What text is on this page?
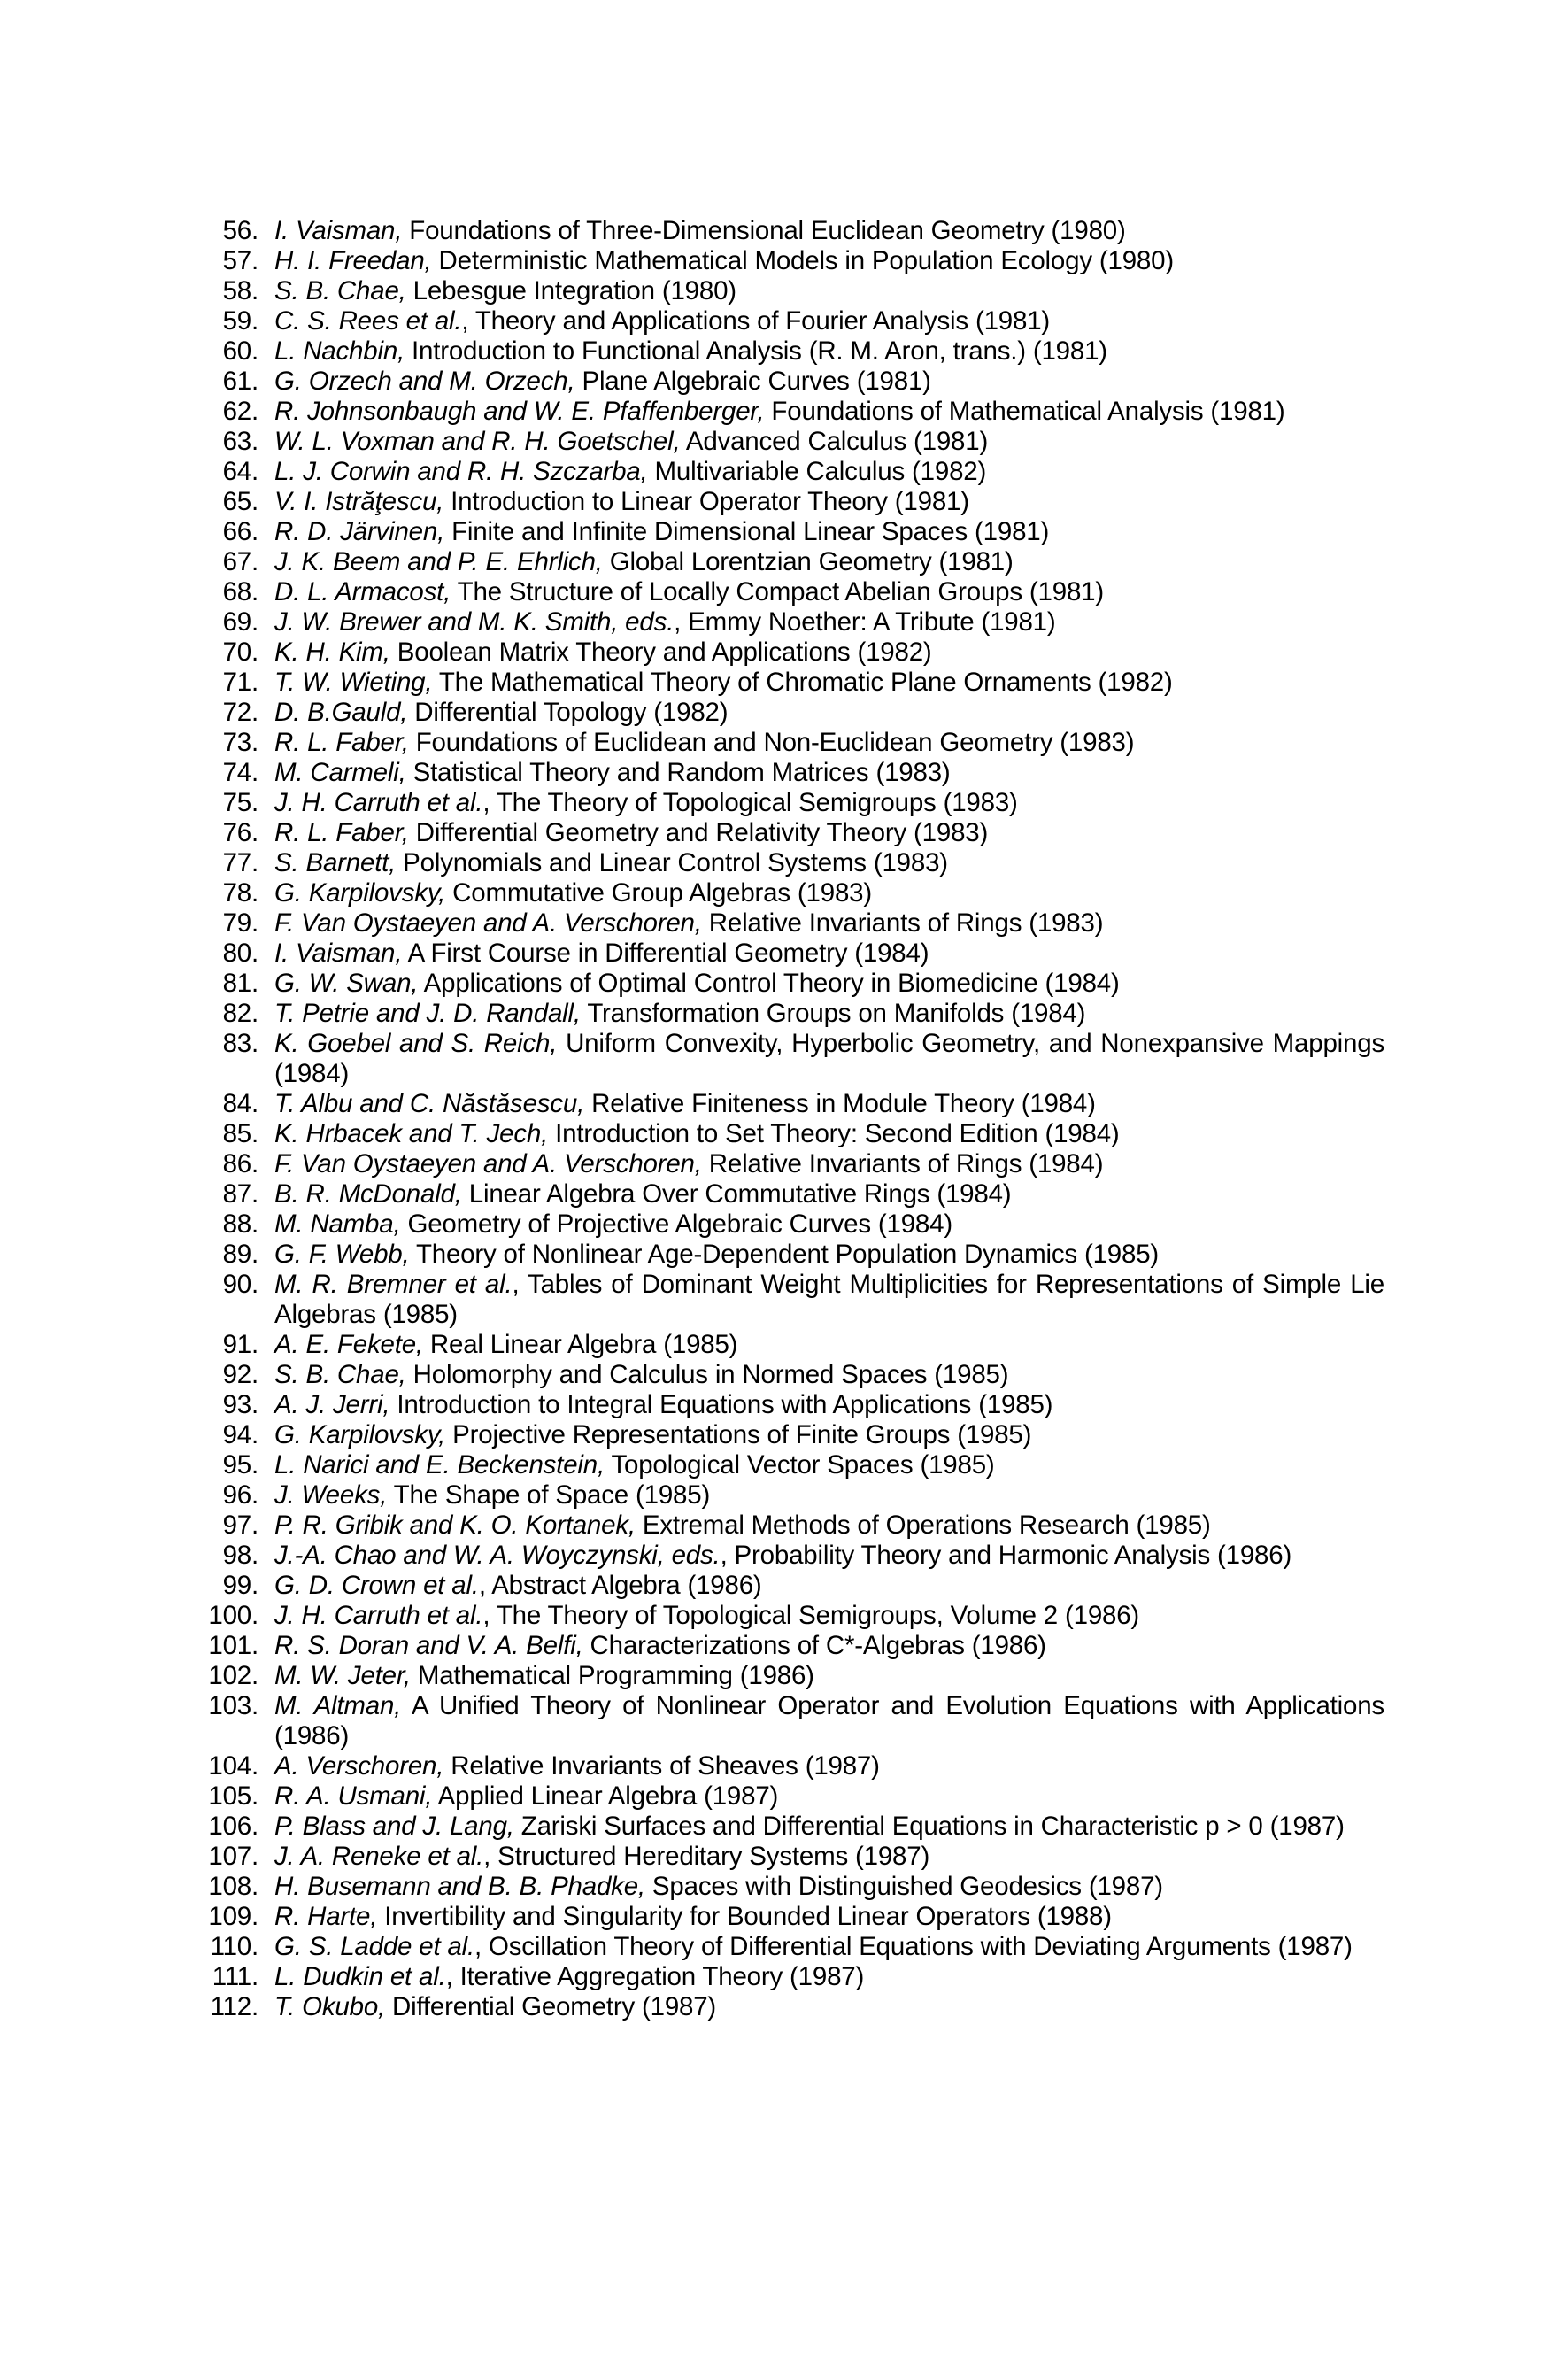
56. I. Vaisman, Foundations of Three-Dimensional Euclidean Geometry (1980)
57. H. I. Freedan, Deterministic Mathematical Models in Population Ecology (1980)
58. S. B. Chae, Lebesgue Integration (1980)
59. C. S. Rees et al., Theory and Applications of Fourier Analysis (1981)
60. L. Nachbin, Introduction to Functional Analysis (R. M. Aron, trans.) (1981)
61. G. Orzech and M. Orzech, Plane Algebraic Curves (1981)
62. R. Johnsonbaugh and W. E. Pfaffenberger, Foundations of Mathematical Analysis (1981)
63. W. L. Voxman and R. H. Goetschel, Advanced Calculus (1981)
64. L. J. Corwin and R. H. Szczarba, Multivariable Calculus (1982)
65. V. I. Istrăţescu, Introduction to Linear Operator Theory (1981)
66. R. D. Järvinen, Finite and Infinite Dimensional Linear Spaces (1981)
67. J. K. Beem and P. E. Ehrlich, Global Lorentzian Geometry (1981)
68. D. L. Armacost, The Structure of Locally Compact Abelian Groups (1981)
69. J. W. Brewer and M. K. Smith, eds., Emmy Noether: A Tribute (1981)
70. K. H. Kim, Boolean Matrix Theory and Applications (1982)
71. T. W. Wieting, The Mathematical Theory of Chromatic Plane Ornaments (1982)
72. D. B.Gauld, Differential Topology (1982)
73. R. L. Faber, Foundations of Euclidean and Non-Euclidean Geometry (1983)
74. M. Carmeli, Statistical Theory and Random Matrices (1983)
75. J. H. Carruth et al., The Theory of Topological Semigroups (1983)
76. R. L. Faber, Differential Geometry and Relativity Theory (1983)
77. S. Barnett, Polynomials and Linear Control Systems (1983)
78. G. Karpilovsky, Commutative Group Algebras (1983)
79. F. Van Oystaeyen and A. Verschoren, Relative Invariants of Rings (1983)
80. I. Vaisman, A First Course in Differential Geometry (1984)
81. G. W. Swan, Applications of Optimal Control Theory in Biomedicine (1984)
82. T. Petrie and J. D. Randall, Transformation Groups on Manifolds (1984)
83. K. Goebel and S. Reich, Uniform Convexity, Hyperbolic Geometry, and Nonexpansive Mappings (1984)
84. T. Albu and C. Năstăsescu, Relative Finiteness in Module Theory (1984)
85. K. Hrbacek and T. Jech, Introduction to Set Theory: Second Edition (1984)
86. F. Van Oystaeyen and A. Verschoren, Relative Invariants of Rings (1984)
87. B. R. McDonald, Linear Algebra Over Commutative Rings (1984)
88. M. Namba, Geometry of Projective Algebraic Curves (1984)
89. G. F. Webb, Theory of Nonlinear Age-Dependent Population Dynamics (1985)
90. M. R. Bremner et al., Tables of Dominant Weight Multiplicities for Representations of Simple Lie Algebras (1985)
91. A. E. Fekete, Real Linear Algebra (1985)
92. S. B. Chae, Holomorphy and Calculus in Normed Spaces (1985)
93. A. J. Jerri, Introduction to Integral Equations with Applications (1985)
94. G. Karpilovsky, Projective Representations of Finite Groups (1985)
95. L. Narici and E. Beckenstein, Topological Vector Spaces (1985)
96. J. Weeks, The Shape of Space (1985)
97. P. R. Gribik and K. O. Kortanek, Extremal Methods of Operations Research (1985)
98. J.-A. Chao and W. A. Woyczynski, eds., Probability Theory and Harmonic Analysis (1986)
99. G. D. Crown et al., Abstract Algebra (1986)
100. J. H. Carruth et al., The Theory of Topological Semigroups, Volume 2 (1986)
101. R. S. Doran and V. A. Belfi, Characterizations of C*-Algebras (1986)
102. M. W. Jeter, Mathematical Programming (1986)
103. M. Altman, A Unified Theory of Nonlinear Operator and Evolution Equations with Applications (1986)
104. A. Verschoren, Relative Invariants of Sheaves (1987)
105. R. A. Usmani, Applied Linear Algebra (1987)
106. P. Blass and J. Lang, Zariski Surfaces and Differential Equations in Characteristic p > 0 (1987)
107. J. A. Reneke et al., Structured Hereditary Systems (1987)
108. H. Busemann and B. B. Phadke, Spaces with Distinguished Geodesics (1987)
109. R. Harte, Invertibility and Singularity for Bounded Linear Operators (1988)
110. G. S. Ladde et al., Oscillation Theory of Differential Equations with Deviating Arguments (1987)
111. L. Dudkin et al., Iterative Aggregation Theory (1987)
112. T. Okubo, Differential Geometry (1987)
